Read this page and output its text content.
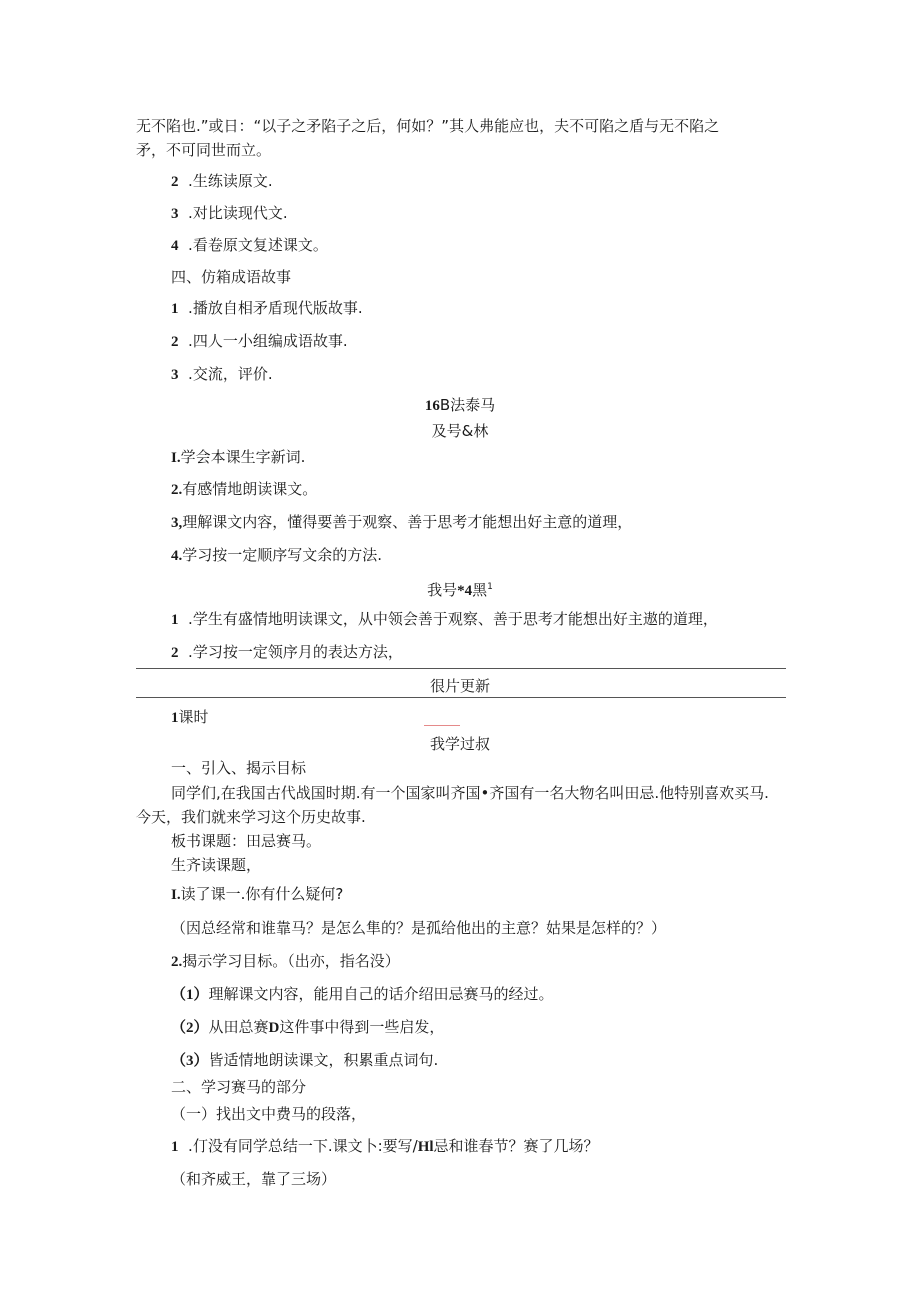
无不陷也.”或日：“以子之矛陷子之后，何如？”其人弗能应也，夫不可陷之盾与无不陷之
矛，不可同世而立。
2 .生练读原文.
3 .对比读现代文.
4 .看卷原文复述课文。
四、仿箱成语故事
1 .播放自相矛盾现代版故事.
2 .四人一小组编成语故事.
3 .交流，评价.
16B法泰马
及号&林
I.学会本课生字新词.
2.有感情地朗读课文。
3,理解课文内容，懂得要善于观察、善于思考才能想出好主意的道理，
4.学习按一定顺序写文余的方法.
我号*4黑$^1$
1 .学生有盛情地明读课文，从中领会善于观察、善于思考才能想出好主遨的道理，
2 .学习按一定领序月的表达方法，
很片更新
1课时
我学过叔
一、引入、揭示目标
同学们,在我国古代战国时期.有一个国家叫齐国•齐国有一名大物名叫田忌.他特别喜欢买马.
今天，我们就来学习这个历史故事.
板书课题：田忌赛马。
生齐读课题，
I.读了课一.你有什么疑何?
（因总经常和谁靠马？是怎么隼的？是孤给他出的主意？姑果是怎样的？）
2.揭示学习目标。（出亦，指名没）
（1）理解课文内容，能用自己的话介绍田忌赛马的经过。
（2）从田总赛D这件事中得到一些启发，
（3）皆适情地朗读课文，积累重点词句.
二、学习赛马的部分
（一）找出文中费马的段落，
1 .仃没有同学总结一下.课文卜:要写/Hl忌和谁春节？赛了几场？
（和齐威王，靠了三场）
